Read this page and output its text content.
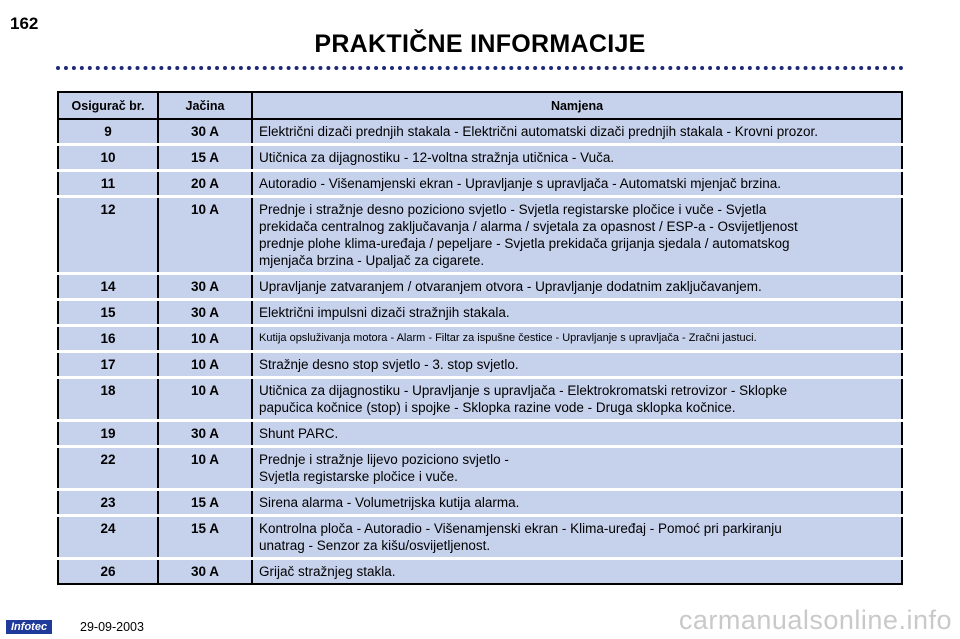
162
PRAKTIČNE INFORMACIJE
Osigurač br.	Jačina	Namjena
9	30 A	Električni dizači prednjih stakala - Električni automatski dizači prednjih stakala - Krovni prozor.

10	15 A	Utičnica za dijagnostiku - 12-voltna stražnja utičnica - Vuča.

11	20 A	Autoradio - Višenamjenski ekran - Upravljanje s upravljača - Automatski mjenjač brzina.

12	10 A	Prednje i stražnje desno poziciono svjetlo - Svjetla registarske pločice i vuče - Svjetla
prekidača centralnog zaključavanja / alarma / svjetala za opasnost / ESP-a - Osvijetljenost
prednje plohe klima-uređaja / pepeljare - Svjetla prekidača grijanja sjedala / automatskog
mjenjača brzina - Upaljač za cigarete.

14	30 A	Upravljanje zatvaranjem / otvaranjem otvora - Upravljanje dodatnim zaključavanjem.

15	30 A	Električni impulsni dizači stražnjih stakala.

16	10 A	Kutija opsluživanja motora - Alarm - Filtar za ispušne čestice - Upravljanje s upravljača - Zračni jastuci.

17	10 A	Stražnje desno stop svjetlo - 3. stop svjetlo.

18	10 A	Utičnica za dijagnostiku - Upravljanje s upravljača - Elektrokromatski retrovizor - Sklopke
papučica kočnice (stop) i spojke - Sklopka razine vode - Druga sklopka kočnice.

19	30 A	Shunt PARC.

22	10 A	Prednje i stražnje lijevo poziciono svjetlo -
Svjetla registarske pločice i vuče.

23	15 A	Sirena alarma - Volumetrijska kutija alarma.

24	15 A	Kontrolna ploča - Autoradio - Višenamjenski ekran - Klima-uređaj - Pomoć pri parkiranju
unatrag - Senzor za kišu/osvijetljenost.

26	30 A	Grijač stražnjeg stakla.
Infotec	29-09-2003	carmanualsonline.info
